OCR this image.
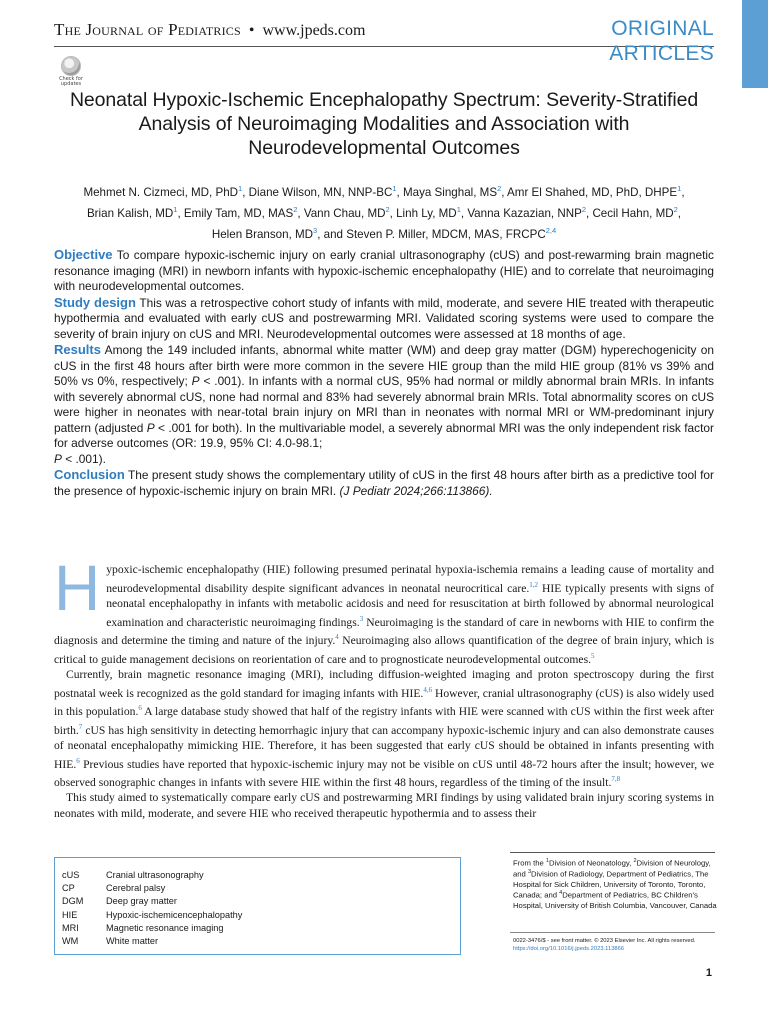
The Journal of Pediatrics • www.jpeds.com	ORIGINAL
ARTICLES
Check for updates
Neonatal Hypoxic-Ischemic Encephalopathy Spectrum: Severity-Stratified
Analysis of Neuroimaging Modalities and Association with
Neurodevelopmental Outcomes
Mehmet N. Cizmeci, MD, PhD$^1$, Diane Wilson, MN, NNP-$BC^1$, Maya Singhal, $MS^2$, Amr El Shahed, MD, PhD, DHPE$^1$,
Brian Kalish, $MD^1$, Emily Tam, MD, MAS$^2$, Vann Chau, $MD^2$, Linh Ly, $MD^1$, Vanna Kazazian, NNP$^2$, Cecil Hahn, $MD^2$,
Helen Branson, $MD^3$, and Steven P. Miller, MDCM, MAS, FRCPC$^{2,4}$

Objective To compare hypoxic-ischemic injury on early cranial ultrasonography (cUS) and post-rewarming brain magnetic resonance imaging (MRI) in newborn infants with hypoxic-ischemic encephalopathy (HIE) and to correlate that neuroimaging with neurodevelopmental outcomes.

Study design This was a retrospective cohort study of infants with mild, moderate, and severe HIE treated with therapeutic hypothermia and evaluated with early cUS and postrewarming MRI. Validated scoring systems were used to compare the severity of brain injury on cUS and MRI. Neurodevelopmental outcomes were assessed at 18 months of age.

Results Among the 149 included infants, abnormal white matter (WM) and deep gray matter (DGM) hyperechogenicity on cUS in the first 48 hours after birth were more common in the severe HIE group than the mild HIE group (81% vs 39% and 50% vs 0%, respectively; P < .001). In infants with a normal cUS, 95% had normal or mildly abnormal brain MRIs. In infants with severely abnormal cUS, none had normal and 83% had severely abnormal brain MRIs. Total abnormality scores on cUS were higher in neonates with near-total brain injury on MRI than in neonates with normal MRI or WM-predominant injury pattern (adjusted P < .001 for both). In the multivariable model, a severely abnormal MRI was the only independent risk factor for adverse outcomes (OR: 19.9, 95% CI: 4.0-98.1;
P < .001).

Conclusion The present study shows the complementary utility of cUS in the first 48 hours after birth as a predictive tool for the presence of hypoxic-ischemic injury on brain MRI. (J Pediatr 2024;266:113866).

Hypoxic-ischemic encephalopathy (HIE) following presumed perinatal hypoxia-ischemia remains a leading cause of mortality and neurodevelopmental disability despite significant advances in neonatal neurocritical care.$^{1,2}$ HIE typically presents with signs of neonatal encephalopathy in infants with metabolic acidosis and need for resuscitation at birth followed by abnormal neurological examination and characteristic neuroimaging findings.$^3$ Neuroimaging is the standard of care in newborns with HIE to confirm the diagnosis and determine the timing and nature of the injury.$^4$ Neuroimaging also allows quantification of the degree of brain injury, which is critical to guide management decisions on reorientation of care and to prognosticate neurodevelopmental outcomes.$^5$

Currently, brain magnetic resonance imaging (MRI), including diffusion-weighted imaging and proton spectroscopy during the first postnatal week is recognized as the gold standard for imaging infants with HIE.$^{4,6}$ However, cranial ultrasonography (cUS) is also widely used in this population.$^6$ A large database study showed that half of the registry infants with HIE were scanned with cUS within the first week after birth.$^7$ cUS has high sensitivity in detecting hemorrhagic injury that can accompany hypoxic-ischemic injury and can also demonstrate causes of neonatal encephalopathy mimicking HIE. Therefore, it has been suggested that early cUS should be obtained in infants presenting with HIE.$^6$ Previous studies have reported that hypoxic-ischemic injury may not be visible on cUS until 48-72 hours after the insult; however, we observed sonographic changes in infants with severe HIE within the first 48 hours, regardless of the timing of the insult.$^{7,8}$

This study aimed to systematically compare early cUS and postrewarming MRI findings by using validated brain injury scoring systems in neonates with mild, moderate, and severe HIE who received therapeutic hypothermia and to assess their

cUS	Cranial ultrasonography
CP	Cerebral palsy
DGM	Deep gray matter
HIE	Hypoxic-ischemicencephalopathy
MRI	Magnetic resonance imaging
WM	White matter
From the $^1$Division of Neonatology, $^2$Division of Neurology, and $^3$Division of Radiology, Department of Pediatrics, The Hospital for Sick Children, University of Toronto, Toronto, Canada; and $^4$Department of Pediatrics, BC Children's Hospital, University of British Columbia, Vancouver, Canada
0022-3476/$ - see front matter. © 2023 Elsevier Inc. All rights reserved.
https://doi.org/10.1016/j.jpeds.2023.113866
1
